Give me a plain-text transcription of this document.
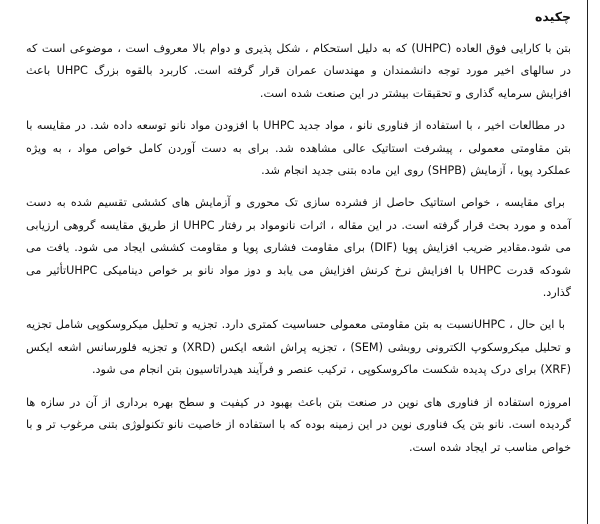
چکیده

بتن با کارایی فوق العاده (UHPC) که به دلیل استحکام ، شکل پذیری و دوام بالا معروف است ، موضوعی است که در سالهای اخیر مورد توجه دانشمندان و مهندسان عمران قرار گرفته است. کاربرد بالقوه بزرگ UHPC باعث افزایش سرمایه گذاری و تحقیقات بیشتر در این صنعت شده است.

در مطالعات اخیر ، با استفاده از فناوری نانو ، مواد جدید UHPC با افزودن مواد نانو توسعه داده شد. در مقایسه با بتن مقاومتی معمولی ، پیشرفت استاتیک عالی مشاهده شد. برای به دست آوردن کامل خواص مواد ، به ویژه عملکرد پویا ، آزمایش (SHPB) روی این ماده بتنی جدید انجام شد.

برای مقایسه ، خواص استاتیک حاصل از فشرده سازی تک محوری و آزمایش های کششی تقسیم شده به دست آمده و مورد بحث قرار گرفته است. در این مقاله ، اثرات نانومواد بر رفتار UHPC از طریق مقایسه گروهی ارزیابی می شود.مقادیر ضریب افزایش پویا (DIF) برای مقاومت فشاری پویا و مقاومت کششی ایجاد می شود. یافت می شودکه قدرت UHPC با افزایش نرخ کرنش افزایش می یابد و دوز مواد نانو بر خواص دینامیکی UHPCتأثیر می گذارد.

با این حال ، UHPCنسبت به بتن مقاومتی معمولی حساسیت کمتری دارد. تجزیه و تحلیل میکروسکوپی شامل تجزیه و تحلیل میکروسکوپ الکترونی روبشی (SEM) ، تجزیه پراش اشعه ایکس (XRD) و تجزیه فلورسانس اشعه ایکس (XRF) برای درک پدیده شکست ماکروسکوپی ، ترکیب عنصر و فرآیند هیدراتاسیون بتن انجام می شود.

امروزه استفاده از فناوری های نوین در صنعت بتن باعث بهبود در کیفیت و سطح بهره برداری از آن در سازه ها گردیده است. نانو بتن یک فناوری نوین در این زمینه بوده که با استفاده از خاصیت نانو تکنولوژی بتنی مرغوب تر و با خواص مناسب تر ایجاد شده است.
